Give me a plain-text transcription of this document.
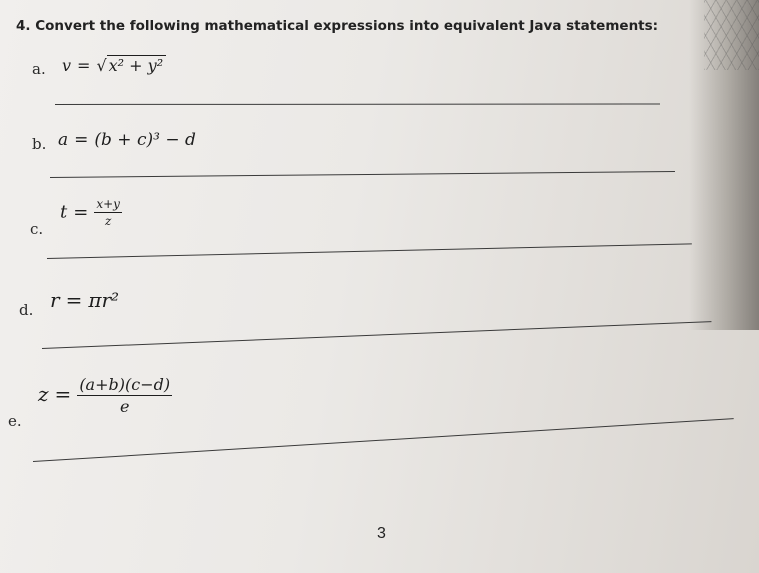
4. Convert the following mathematical expressions into equivalent Java statements:
a. v = √ x² + y²
b. a = (b + c)³ − d
c.
$t = \frac{x+y}{z}$
d. r = πr²
e.
$z = \frac{(a+b)(c-d)}{e}$
3
